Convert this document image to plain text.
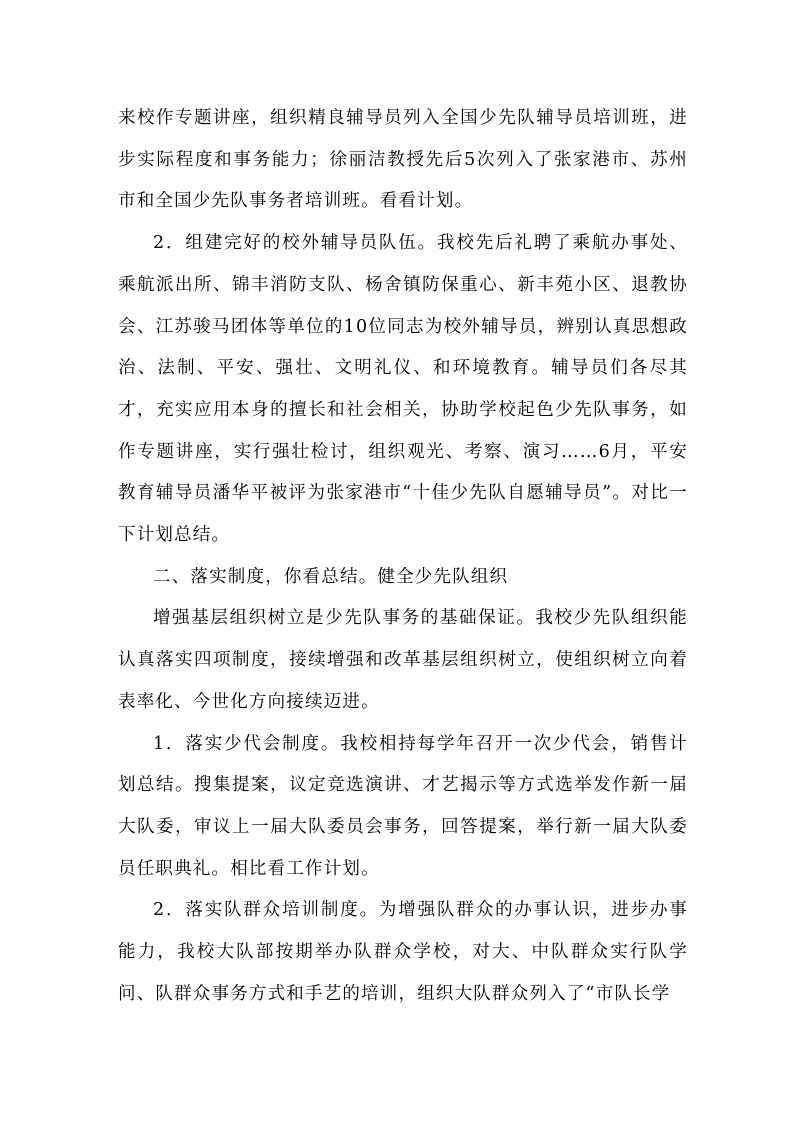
来校作专题讲座，组织精良辅导员列入全国少先队辅导员培训班，进步实际程度和事务能力；徐丽洁教授先后5次列入了张家港市、苏州市和全国少先队事务者培训班。看看计划。

2．组建完好的校外辅导员队伍。我校先后礼聘了乘航办事处、乘航派出所、锦丰消防支队、杨舍镇防保重心、新丰苑小区、退教协会、江苏骏马团体等单位的10位同志为校外辅导员，辨别认真思想政治、法制、平安、强壮、文明礼仪、和环境教育。辅导员们各尽其才，充实应用本身的擅长和社会相关，协助学校起色少先队事务，如作专题讲座，实行强壮检讨，组织观光、考察、演习……6月，平安教育辅导员潘华平被评为张家港市“十佳少先队自愿辅导员”。对比一下计划总结。

二、落实制度，你看总结。健全少先队组织

增强基层组织树立是少先队事务的基础保证。我校少先队组织能认真落实四项制度，接续增强和改革基层组织树立，使组织树立向着表率化、今世化方向接续迈进。

1．落实少代会制度。我校相持每学年召开一次少代会，销售计划总结。搜集提案，议定竞选演讲、才艺揭示等方式选举发作新一届大队委，审议上一届大队委员会事务，回答提案，举行新一届大队委员任职典礼。相比看工作计划。

2．落实队群众培训制度。为增强队群众的办事认识，进步办事能力，我校大队部按期举办队群众学校，对大、中队群众实行队学问、队群众事务方式和手艺的培训，组织大队群众列入了“市队长学
